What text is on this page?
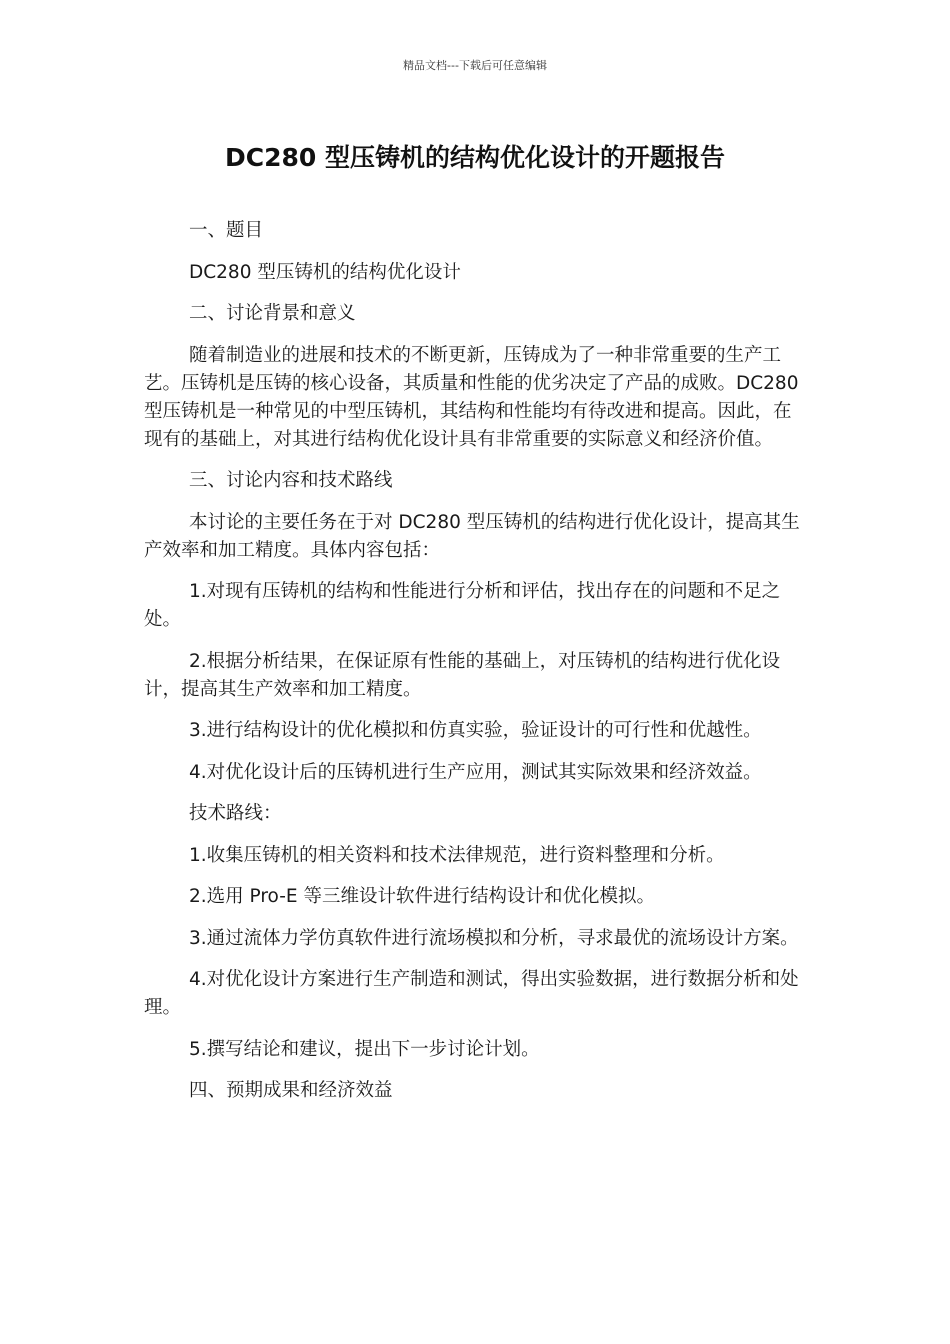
精品文档---下载后可任意编辑
DC280 型压铸机的结构优化设计的开题报告

一、题目

DC280 型压铸机的结构优化设计

二、讨论背景和意义

随着制造业的进展和技术的不断更新，压铸成为了一种非常重要的生产工艺。压铸机是压铸的核心设备，其质量和性能的优劣决定了产品的成败。DC280 型压铸机是一种常见的中型压铸机，其结构和性能均有待改进和提高。因此，在现有的基础上，对其进行结构优化设计具有非常重要的实际意义和经济价值。

三、讨论内容和技术路线

本讨论的主要任务在于对 DC280 型压铸机的结构进行优化设计，提高其生产效率和加工精度。具体内容包括：

1.对现有压铸机的结构和性能进行分析和评估，找出存在的问题和不足之处。

2.根据分析结果，在保证原有性能的基础上，对压铸机的结构进行优化设计，提高其生产效率和加工精度。

3.进行结构设计的优化模拟和仿真实验，验证设计的可行性和优越性。

4.对优化设计后的压铸机进行生产应用，测试其实际效果和经济效益。

技术路线：

1.收集压铸机的相关资料和技术法律规范，进行资料整理和分析。

2.选用 Pro-E 等三维设计软件进行结构设计和优化模拟。

3.通过流体力学仿真软件进行流场模拟和分析，寻求最优的流场设计方案。

4.对优化设计方案进行生产制造和测试，得出实验数据，进行数据分析和处理。

5.撰写结论和建议，提出下一步讨论计划。

四、预期成果和经济效益
